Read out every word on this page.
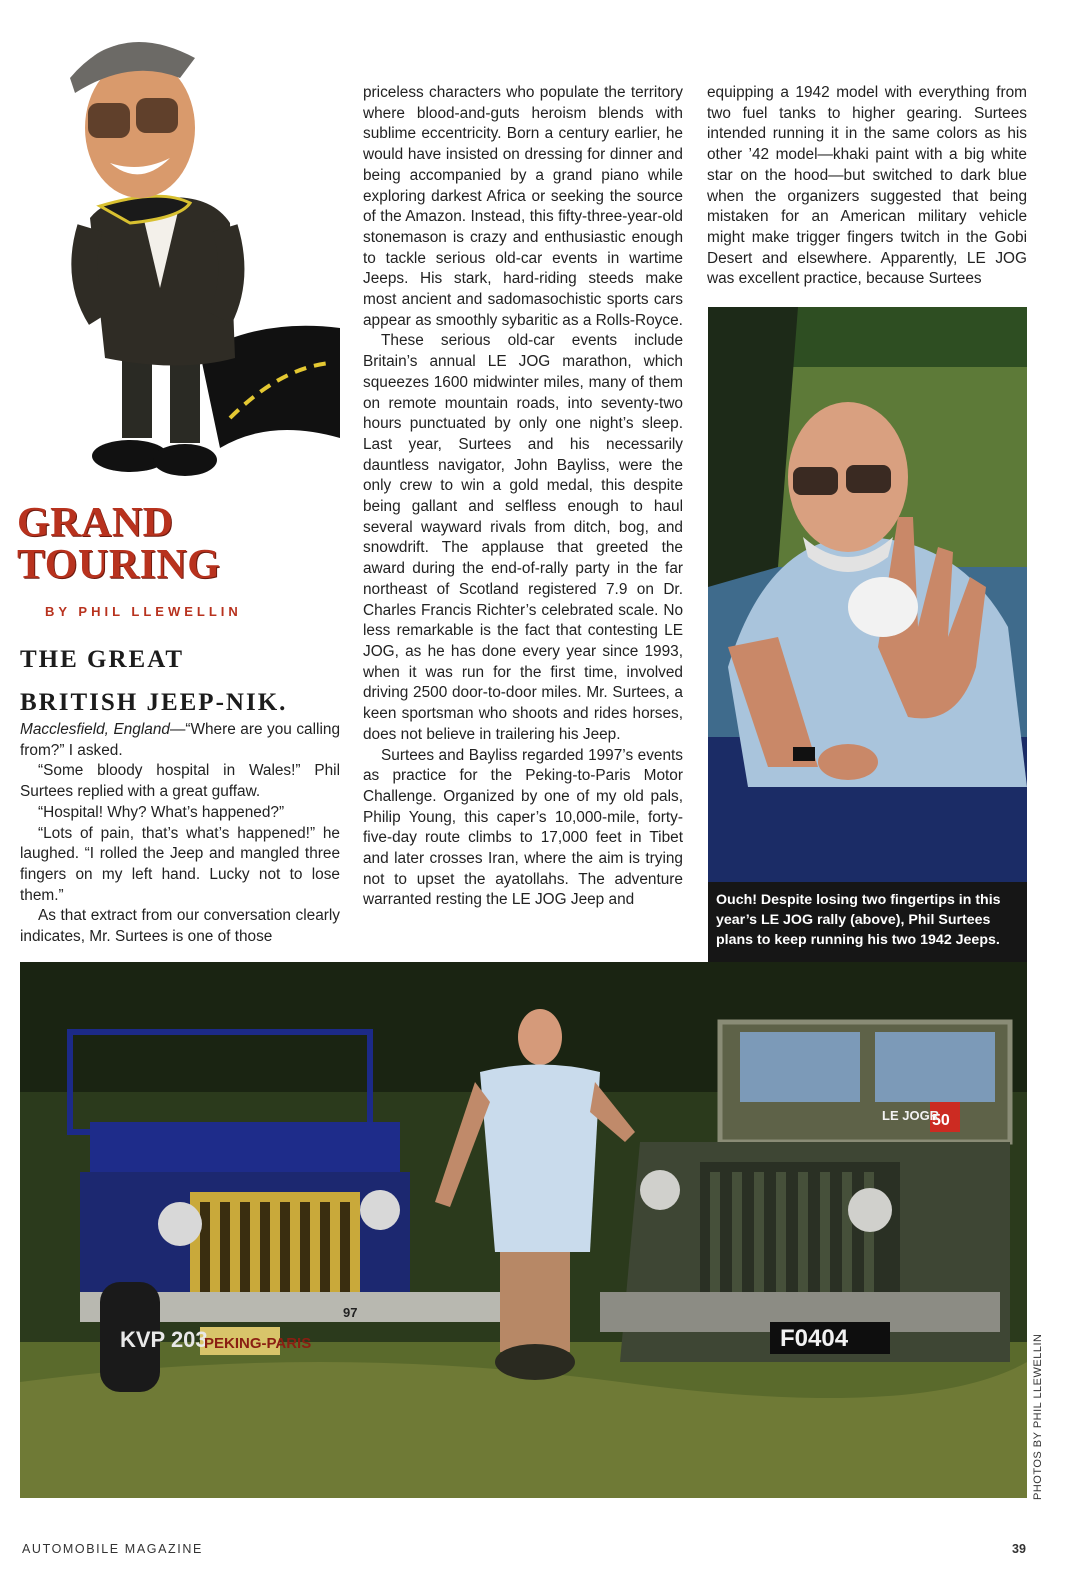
GRAND
TOURING
BY PHIL LLEWELLIN
THE GREAT
BRITISH JEEP-NIK.

Macclesfield, England—“Where are you calling from?” I asked.

“Some bloody hospital in Wales!” Phil Surtees replied with a great guffaw.

“Hospital! Why? What’s happened?”

“Lots of pain, that’s what’s happened!” he laughed. “I rolled the Jeep and mangled three fingers on my left hand. Lucky not to lose them.”

As that extract from our conversation clearly indicates, Mr. Surtees is one of those

priceless characters who populate the territory where blood-and-guts heroism blends with sublime eccentricity. Born a century earlier, he would have insisted on dressing for dinner and being accompanied by a grand piano while exploring darkest Africa or seeking the source of the Amazon. Instead, this fifty-three-year-old stonemason is crazy and enthusiastic enough to tackle serious old-car events in wartime Jeeps. His stark, hard-riding steeds make most ancient and sadomasochistic sports cars appear as smoothly sybaritic as a Rolls-Royce.

These serious old-car events include Britain’s annual LE JOG marathon, which squeezes 1600 midwinter miles, many of them on remote mountain roads, into seventy-two hours punctuated by only one night’s sleep. Last year, Surtees and his necessarily dauntless navigator, John Bayliss, were the only crew to win a gold medal, this despite being gallant and selfless enough to haul several wayward rivals from ditch, bog, and snowdrift. The applause that greeted the award during the end-of-rally party in the far northeast of Scotland registered 7.9 on Dr. Charles Francis Richter’s celebrated scale. No less remarkable is the fact that contesting LE JOG, as he has done every year since 1993, when it was run for the first time, involved driving 2500 door-to-door miles. Mr. Surtees, a keen sportsman who shoots and rides horses, does not believe in trailering his Jeep.

Surtees and Bayliss regarded 1997’s events as practice for the Peking-to-Paris Motor Challenge. Organized by one of my old pals, Philip Young, this caper’s 10,000-mile, forty-five-day route climbs to 17,000 feet in Tibet and later crosses Iran, where the aim is trying not to upset the ayatollahs. The adventure warranted resting the LE JOG Jeep and

equipping a 1942 model with everything from two fuel tanks to higher gearing. Surtees intended running it in the same colors as his other ’42 model—khaki paint with a big white star on the hood—but switched to dark blue when the organizers suggested that being mistaken for an American military vehicle might make trigger fingers twitch in the Gobi Desert and elsewhere. Apparently, LE JOG was excellent practice, because Surtees

Ouch! Despite losing two fingertips in this year’s LE JOG rally (above), Phil Surtees plans to keep running his two 1942 Jeeps.
KVP 203
PEKING-PARIS
97
F0404
50
LE JOGR
PHOTOS BY PHIL LLEWELLIN
AUTOMOBILE MAGAZINE	39
